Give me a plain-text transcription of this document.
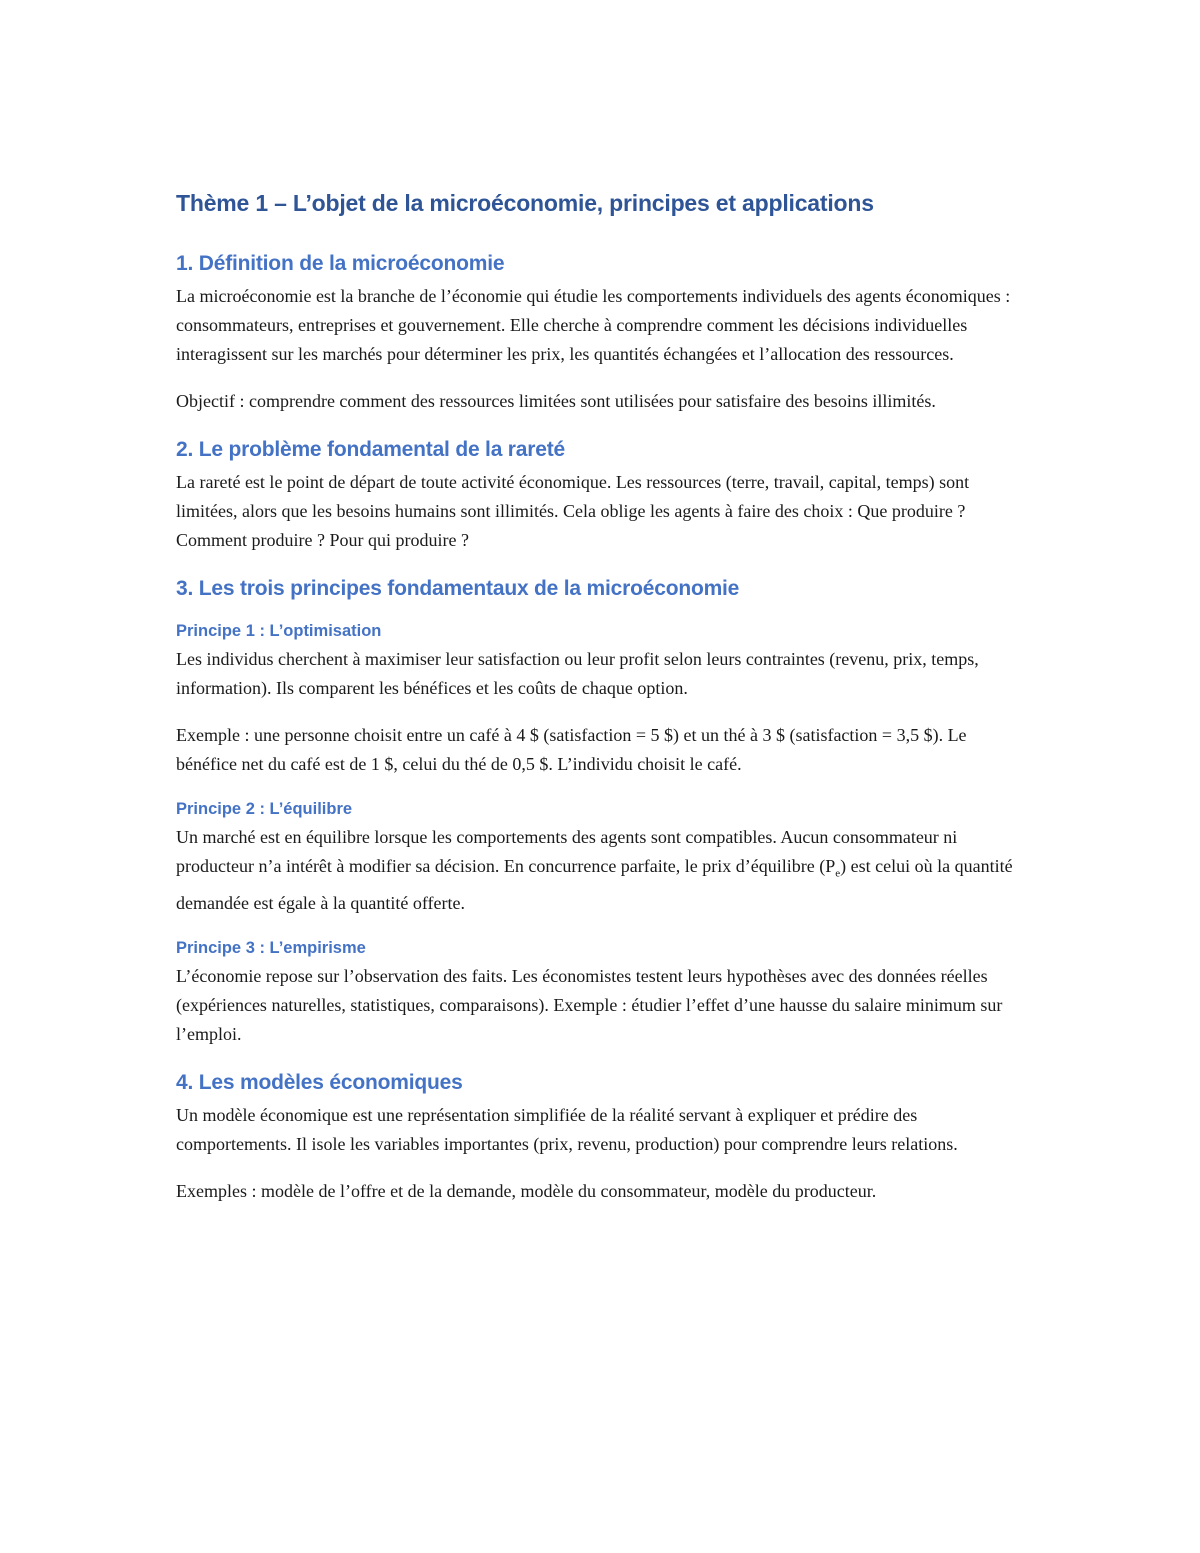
Thème 1 – L’objet de la microéconomie, principes et applications
1. Définition de la microéconomie

La microéconomie est la branche de l’économie qui étudie les comportements individuels des agents économiques : consommateurs, entreprises et gouvernement. Elle cherche à comprendre comment les décisions individuelles interagissent sur les marchés pour déterminer les prix, les quantités échangées et l’allocation des ressources.

Objectif : comprendre comment des ressources limitées sont utilisées pour satisfaire des besoins illimités.

2. Le problème fondamental de la rareté

La rareté est le point de départ de toute activité économique. Les ressources (terre, travail, capital, temps) sont limitées, alors que les besoins humains sont illimités. Cela oblige les agents à faire des choix : Que produire ? Comment produire ? Pour qui produire ?

3. Les trois principes fondamentaux de la microéconomie
Principe 1 : L’optimisation

Les individus cherchent à maximiser leur satisfaction ou leur profit selon leurs contraintes (revenu, prix, temps, information). Ils comparent les bénéfices et les coûts de chaque option.

Exemple : une personne choisit entre un café à 4 $ (satisfaction = 5 $) et un thé à 3 $ (satisfaction = 3,5 $). Le bénéfice net du café est de 1 $, celui du thé de 0,5 $. L’individu choisit le café.

Principe 2 : L’équilibre

Un marché est en équilibre lorsque les comportements des agents sont compatibles. Aucun consommateur ni producteur n’a intérêt à modifier sa décision. En concurrence parfaite, le prix d’équilibre $(P_e)$ est celui où la quantité demandée est égale à la quantité offerte.

Principe 3 : L’empirisme

L’économie repose sur l’observation des faits. Les économistes testent leurs hypothèses avec des données réelles (expériences naturelles, statistiques, comparaisons). Exemple : étudier l’effet d’une hausse du salaire minimum sur l’emploi.

4. Les modèles économiques

Un modèle économique est une représentation simplifiée de la réalité servant à expliquer et prédire des comportements. Il isole les variables importantes (prix, revenu, production) pour comprendre leurs relations.

Exemples : modèle de l’offre et de la demande, modèle du consommateur, modèle du producteur.
